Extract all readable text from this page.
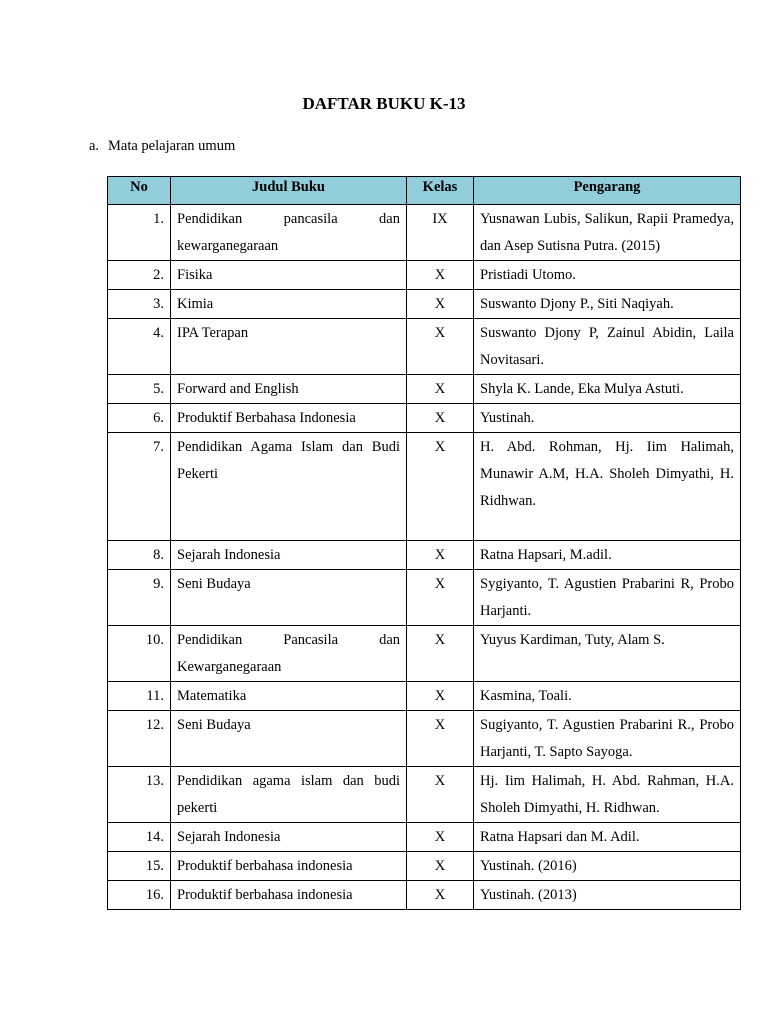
DAFTAR BUKU K-13
a. Mata pelajaran umum
No	Judul Buku	Kelas	Pengarang
1.	Pendidikan pancasila dan kewarganegaraan	IX	Yusnawan Lubis, Salikun, Rapii Pramedya, dan Asep Sutisna Putra. (2015)
2.	Fisika	X	Pristiadi Utomo.
3.	Kimia	X	Suswanto Djony P., Siti Naqiyah.
4.	IPA Terapan	X	Suswanto Djony P, Zainul Abidin, Laila Novitasari.
5.	Forward and English	X	Shyla K. Lande, Eka Mulya Astuti.
6.	Produktif Berbahasa Indonesia	X	Yustinah.
7.	Pendidikan Agama Islam dan Budi Pekerti	X	H. Abd. Rohman, Hj. Iim Halimah, Munawir A.M, H.A. Sholeh Dimyathi, H. Ridhwan.
8.	Sejarah Indonesia	X	Ratna Hapsari, M.adil.
9.	Seni Budaya	X	Sygiyanto, T. Agustien Prabarini R, Probo Harjanti.
10.	Pendidikan Pancasila dan Kewarganegaraan	X	Yuyus Kardiman, Tuty, Alam S.
11.	Matematika	X	Kasmina, Toali.
12.	Seni Budaya	X	Sugiyanto, T. Agustien Prabarini R., Probo Harjanti, T. Sapto Sayoga.
13.	Pendidikan agama islam dan budi pekerti	X	Hj. Iim Halimah, H. Abd. Rahman, H.A. Sholeh Dimyathi, H. Ridhwan.
14.	Sejarah Indonesia	X	Ratna Hapsari dan M. Adil.
15.	Produktif berbahasa indonesia	X	Yustinah. (2016)
16.	Produktif berbahasa indonesia	X	Yustinah. (2013)
